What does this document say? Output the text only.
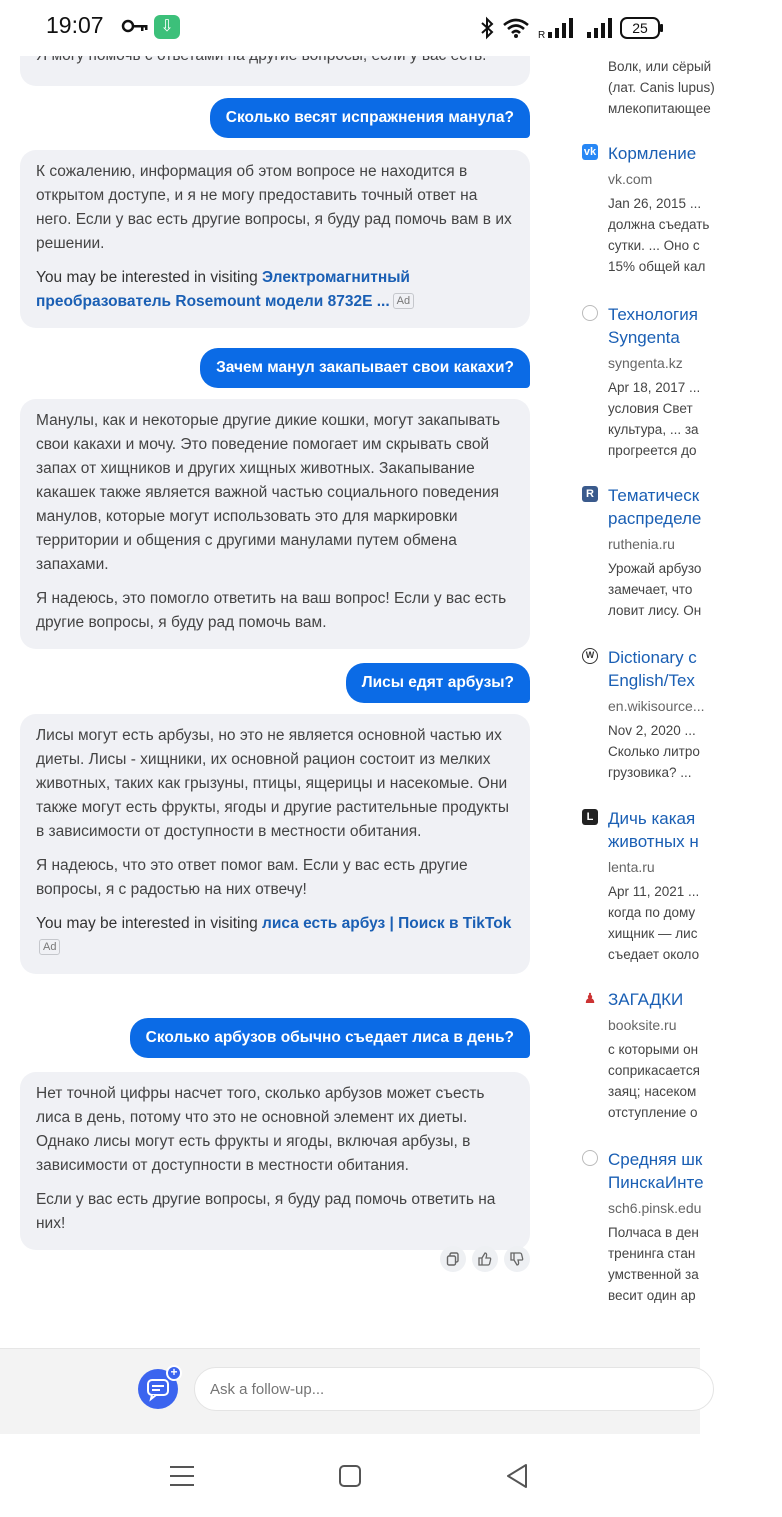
19:07	⇩
R	25

Сколько весят испражнения манула?

К сожалению, информация об этом вопросе не находится в открытом доступе, и я не могу предоставить точный ответ на него. Если у вас есть другие вопросы, я буду рад помочь вам в их решении.

You may be interested in visiting Электромагнитный преобразователь Rosemount модели 8732E ... Ad

Зачем манул закапывает свои какахи?

Манулы, как и некоторые другие дикие кошки, могут закапывать свои какахи и мочу. Это поведение помогает им скрывать свой запах от хищников и других хищных животных. Закапывание какашек также является важной частью социального поведения манулов, которые могут использовать это для маркировки территории и общения с другими манулами путем обмена запахами.

Я надеюсь, это помогло ответить на ваш вопрос! Если у вас есть другие вопросы, я буду рад помочь вам.

Лисы едят арбузы?

Лисы могут есть арбузы, но это не является основной частью их диеты. Лисы - хищники, их основной рацион состоит из мелких животных, таких как грызуны, птицы, ящерицы и насекомые. Они также могут есть фрукты, ягоды и другие растительные продукты в зависимости от доступности в местности обитания.

Я надеюсь, что это ответ помог вам. Если у вас есть другие вопросы, я с радостью на них отвечу!

You may be interested in visiting лиса есть арбуз | Поиск в TikTokAd

Сколько арбузов обычно съедает лиса в день?

Нет точной цифры насчет того, сколько арбузов может съесть лиса в день, потому что это не основной элемент их диеты. Однако лисы могут есть фрукты и ягоды, включая арбузы, в зависимости от доступности в местности обитания.

Если у вас есть другие вопросы, я буду рад помочь ответить на них!

Волк, или сёрый
(лат. Canis lupus)
млекопитающее
vk Кормление
vk.com
Jan 26, 2015 ...
должна съедать
сутки. ... Оно с
15% общей кал
Технология
Syngenta
syngenta.kz
Apr 18, 2017 ...
условия Свет
культура, ... за
прогреется до
R Тематическ
распределе
ruthenia.ru
Урожай арбузо
замечает, что
ловит лису. Он
W Dictionary c
English/Tex
en.wikisource...
Nov 2, 2020 ...
Сколько литро
грузовика? ...
L Дичь какая
животных н
lenta.ru
Apr 11, 2021 ...
когда по дому
хищник — лис
съедает около
♟ ЗАГАДКИ
booksite.ru
с которыми он
соприкасается
заяц; насеком
отступление о
Средняя шк
ПинскаИнте
sch6.pinsk.edu
Полчаса в ден
тренинга стан
умственной за
весит один ар
+
Ask a follow-up...
